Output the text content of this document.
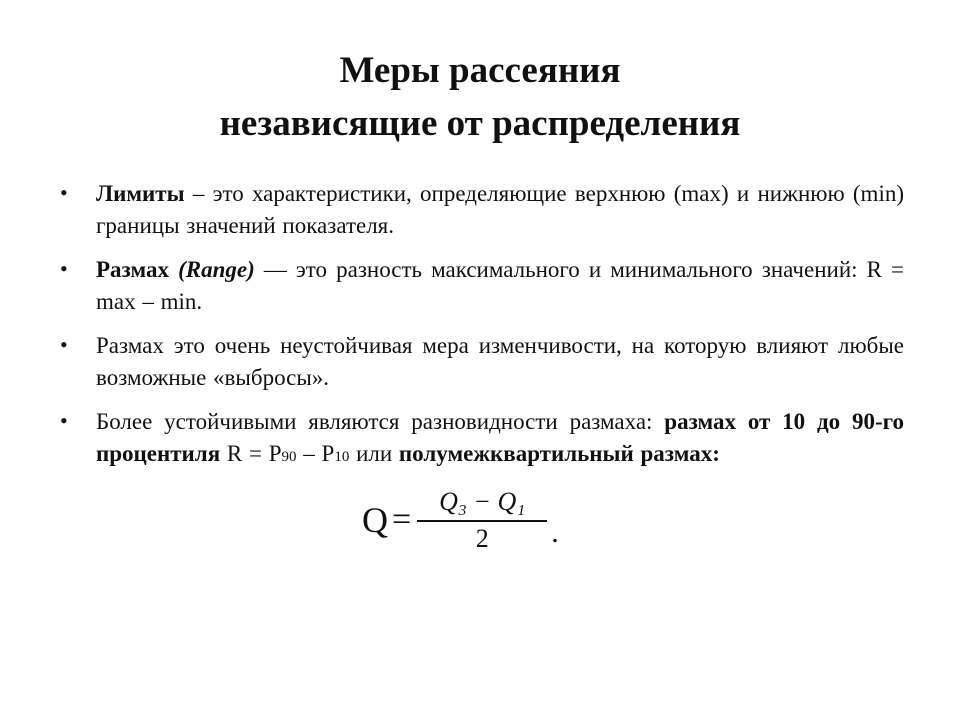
Меры рассеяния
независящие от распределения
• Лимиты – это характеристики, определяющие верхнюю (max) и нижнюю (min) границы значений показателя.
• Размах (Range) — это разность максимального и минимального значений: R = max – min.
• Размах это очень неустойчивая мера изменчивости, на которую влияют любые возможные «выбросы».
• Более устойчивыми являются разновидности размаха: размах от 10 до 90-го процентиля R = P90 – P10 или полумежквартильный размах:
$Q = \frac{\text{Q₃ − Q₁}}{2}$ .
